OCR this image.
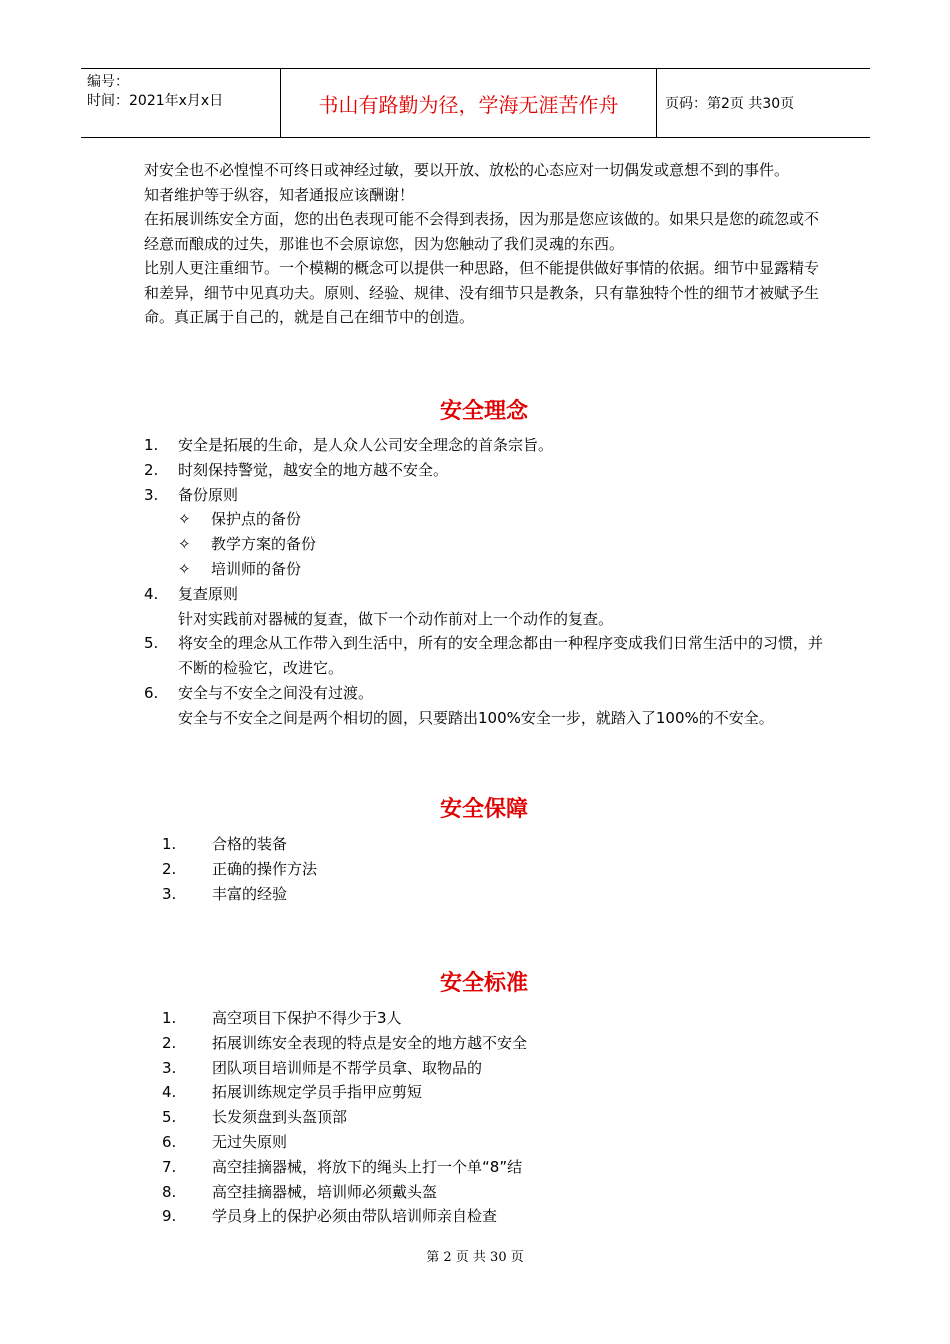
编号：
时间：2021年x月x日	书山有路勤为径，学海无涯苦作舟	页码：第2页 共30页

对安全也不必惶惶不可终日或神经过敏，要以开放、放松的心态应对一切偶发或意想不到的事件。

知者维护等于纵容，知者通报应该酬谢！

在拓展训练安全方面，您的出色表现可能不会得到表扬，因为那是您应该做的。如果只是您的疏忽或不经意而酿成的过失，那谁也不会原谅您，因为您触动了我们灵魂的东西。

比别人更注重细节。一个模糊的概念可以提供一种思路，但不能提供做好事情的依据。细节中显露精专和差异，细节中见真功夫。原则、经验、规律、没有细节只是教条，只有靠独特个性的细节才被赋予生命。真正属于自己的，就是自己在细节中的创造。

安全理念
1.	安全是拓展的生命，是人众人公司安全理念的首条宗旨。
2.	时刻保持警觉，越安全的地方越不安全。
3.	备份原则
✧ 保护点的备份
✧ 教学方案的备份
✧ 培训师的备份
4.	复查原则
针对实践前对器械的复查，做下一个动作前对上一个动作的复查。
5.	将安全的理念从工作带入到生活中，所有的安全理念都由一种程序变成我们日常生活中的习惯，并不断的检验它，改进它。
6.	安全与不安全之间没有过渡。
安全与不安全之间是两个相切的圆，只要踏出100%安全一步，就踏入了100%的不安全。
安全保障
1.	合格的装备
2.	正确的操作方法
3.	丰富的经验
安全标准
1.	高空项目下保护不得少于3人
2.	拓展训练安全表现的特点是安全的地方越不安全
3.	团队项目培训师是不帮学员拿、取物品的
4.	拓展训练规定学员手指甲应剪短
5.	长发须盘到头盔顶部
6.	无过失原则
7.	高空挂摘器械，将放下的绳头上打一个单“8”结
8.	高空挂摘器械，培训师必须戴头盔
9.	学员身上的保护必须由带队培训师亲自检查
第 2 页 共 30 页
